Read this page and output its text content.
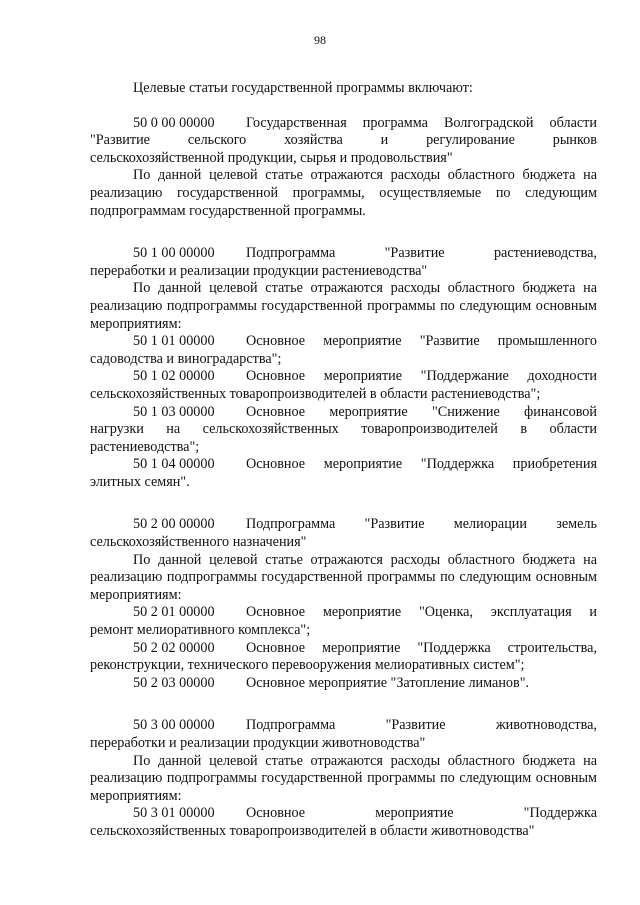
98

Целевые статьи государственной программы включают:

50 0 00 00000	Государственная программа Волгоградской области
"Развитие	сельского	хозяйства	и	регулирование	рынков

сельскохозяйственной продукции, сырья и продовольствия"

По данной целевой статье отражаются расходы областного бюджета на реализацию государственной программы, осуществляемые по следующим подпрограммам государственной программы.

50 1 00 00000	Подпрограмма	"Развитие	растениеводства,

переработки и реализации продукции растениеводства"

По данной целевой статье отражаются расходы областного бюджета на реализацию подпрограммы государственной программы по следующим основным мероприятиям:

50 1 01 00000	Основное мероприятие "Развитие промышленного

садоводства и виноградарства";

50 1 02 00000	Основное мероприятие "Поддержание доходности

сельскохозяйственных товаропроизводителей в области растениеводства";

50 1 03 00000	Основное мероприятие "Снижение финансовой
нагрузки на сельскохозяйственных товаропроизводителей в области

растениеводства";

50 1 04 00000	Основное мероприятие "Поддержка приобретения

элитных семян".

50 2 00 00000	Подпрограмма "Развитие мелиорации земель

сельскохозяйственного назначения"

По данной целевой статье отражаются расходы областного бюджета на реализацию подпрограммы государственной программы по следующим основным мероприятиям:

50 2 01 00000	Основное мероприятие "Оценка, эксплуатация и

ремонт мелиоративного комплекса";

50 2 02 00000	Основное мероприятие "Поддержка строительства,

реконструкции, технического перевооружения мелиоративных систем";

50 2 03 00000	Основное мероприятие "Затопление лиманов".
50 3 00 00000	Подпрограмма	"Развитие	животноводства,

переработки и реализации продукции животноводства"

По данной целевой статье отражаются расходы областного бюджета на реализацию подпрограммы государственной программы по следующим основным мероприятиям:

50 3 01 00000	Основное	мероприятие	"Поддержка

сельскохозяйственных товаропроизводителей в области животноводства"
